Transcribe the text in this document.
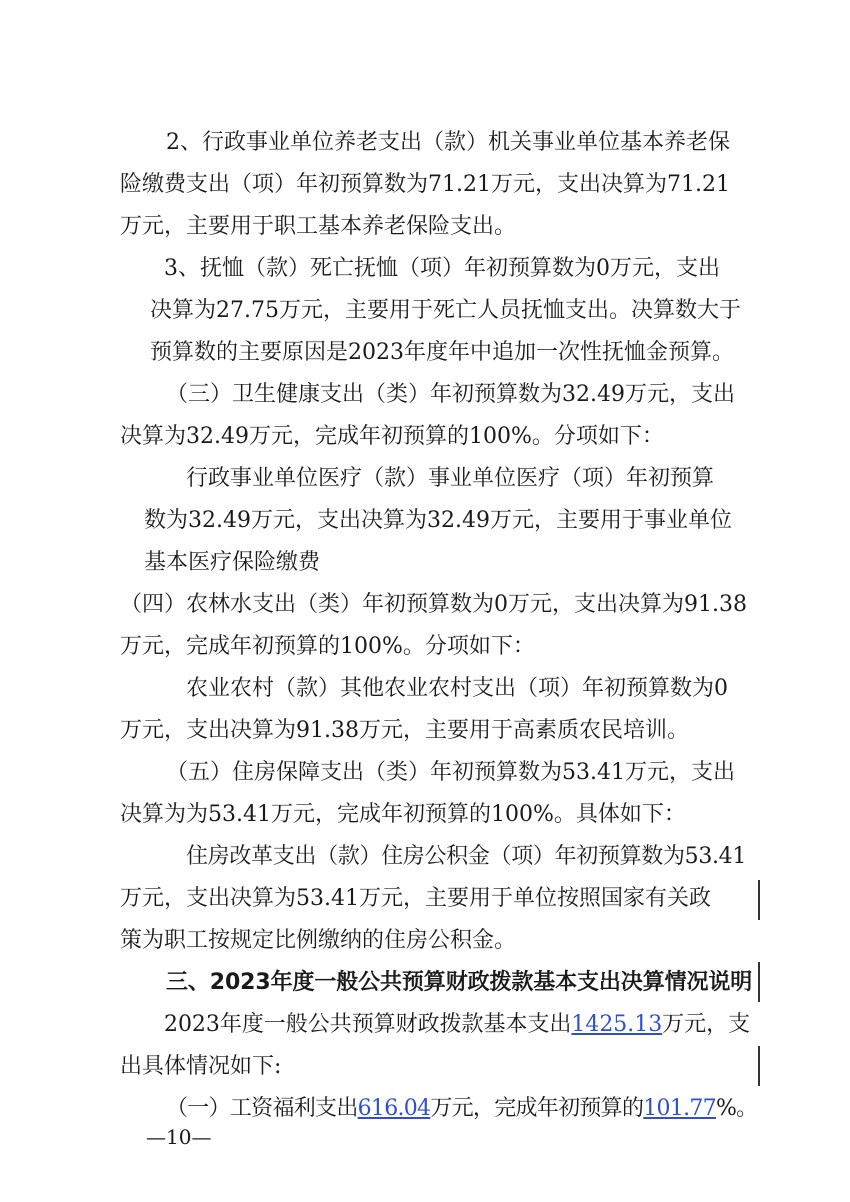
2、行政事业单位养老支出（款）机关事业单位基本养老保
险缴费支出（项）年初预算数为71.21万元，支出决算为71.21
万元，主要用于职工基本养老保险支出。
3、抚恤（款）死亡抚恤（项）年初预算数为0万元，支出
决算为27.75万元，主要用于死亡人员抚恤支出。决算数大于
预算数的主要原因是2023年度年中追加一次性抚恤金预算。
（三）卫生健康支出（类）年初预算数为32.49万元，支出
决算为32.49万元，完成年初预算的100%。分项如下：
行政事业单位医疗（款）事业单位医疗（项）年初预算
数为32.49万元，支出决算为32.49万元，主要用于事业单位
基本医疗保险缴费
（四）农林水支出（类）年初预算数为0万元，支出决算为91.38
万元，完成年初预算的100%。分项如下：
农业农村（款）其他农业农村支出（项）年初预算数为0
万元，支出决算为91.38万元，主要用于高素质农民培训。
（五）住房保障支出（类）年初预算数为53.41万元，支出
决算为为53.41万元，完成年初预算的100%。具体如下：
住房改革支出（款）住房公积金（项）年初预算数为53.41
万元，支出决算为53.41万元，主要用于单位按照国家有关政
策为职工按规定比例缴纳的住房公积金。
三、2023年度一般公共预算财政拨款基本支出决算情况说明
2023年度一般公共预算财政拨款基本支出1425.13万元，支
出具体情况如下:
（一）工资福利支出616.04万元，完成年初预算的101.77%。
—10—
